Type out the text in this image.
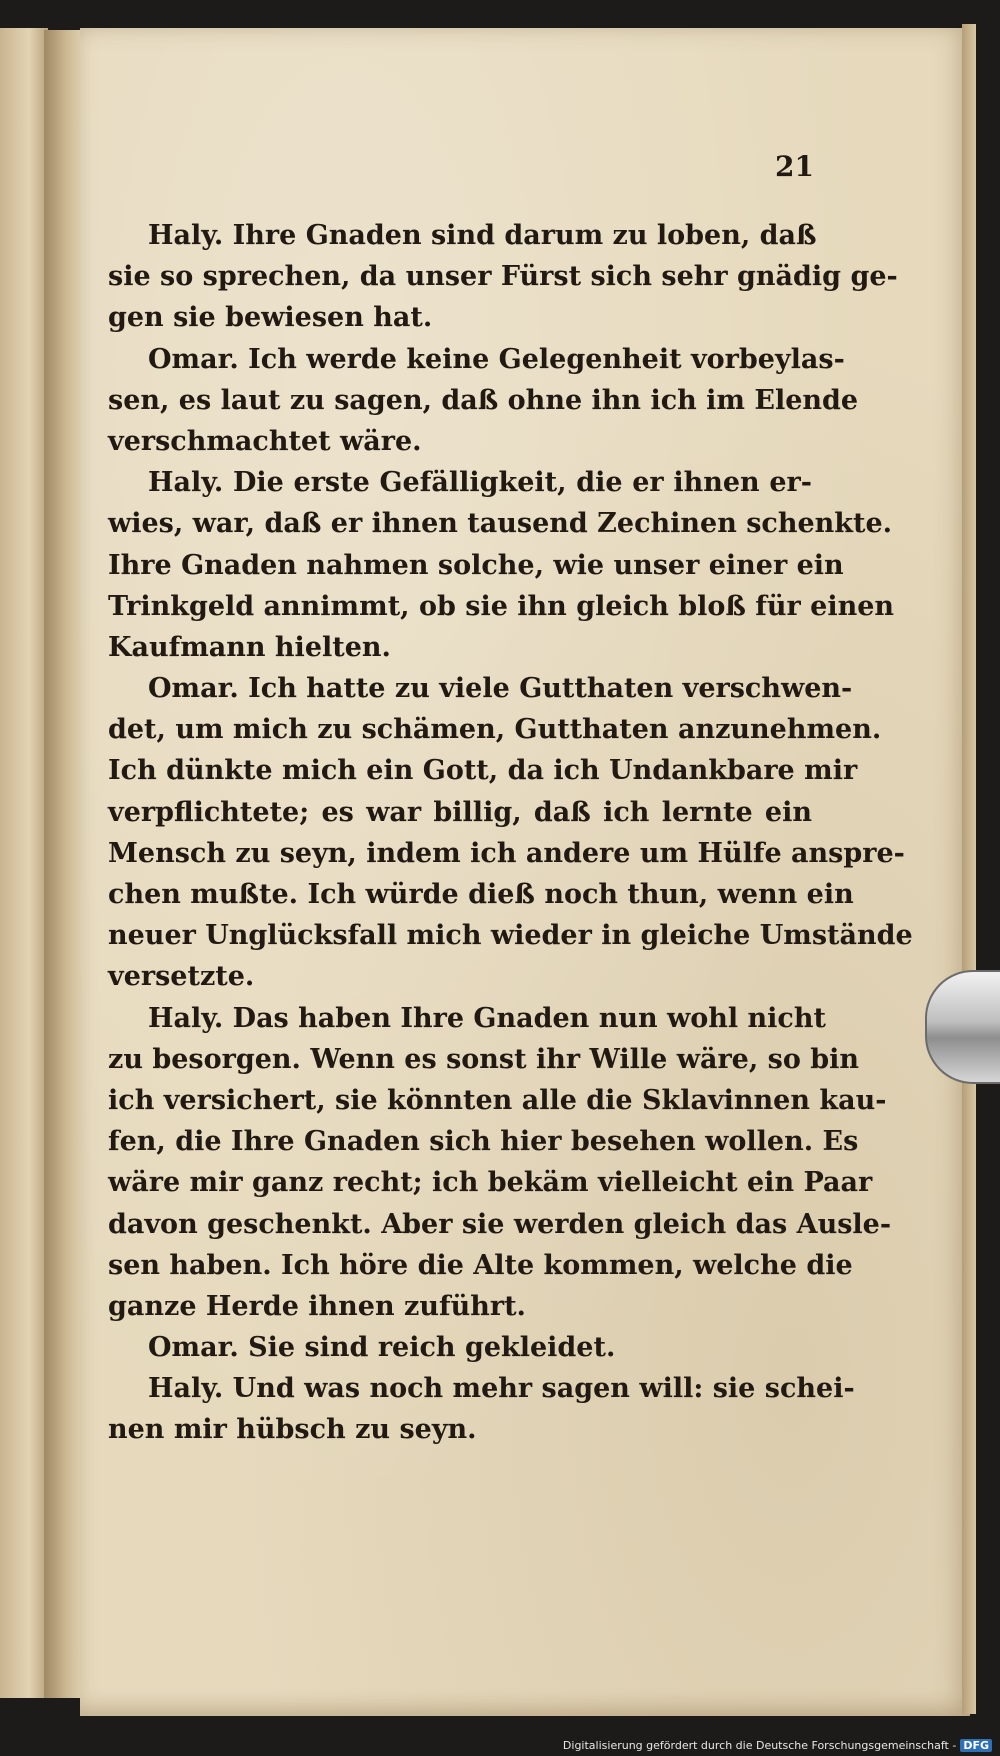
21
Haly. Ihre Gnaden sind darum zu loben, daß
sie so sprechen, da unser Fürst sich sehr gnädig ge-
gen sie bewiesen hat.
Omar. Ich werde keine Gelegenheit vorbeylas-
sen, es laut zu sagen, daß ohne ihn ich im Elende
verschmachtet wäre.
Haly. Die erste Gefälligkeit, die er ihnen er-
wies, war, daß er ihnen tausend Zechinen schenkte.
Ihre Gnaden nahmen solche, wie unser einer ein
Trinkgeld annimmt, ob sie ihn gleich bloß für einen
Kaufmann hielten.
Omar. Ich hatte zu viele Gutthaten verschwen-
det, um mich zu schämen, Gutthaten anzunehmen.
Ich dünkte mich ein Gott, da ich Undankbare mir
verpflichtete; es war billig, daß ich lernte ein
Mensch zu seyn, indem ich andere um Hülfe anspre-
chen mußte. Ich würde dieß noch thun, wenn ein
neuer Unglücksfall mich wieder in gleiche Umstände
versetzte.
Haly. Das haben Ihre Gnaden nun wohl nicht
zu besorgen. Wenn es sonst ihr Wille wäre, so bin
ich versichert, sie könnten alle die Sklavinnen kau-
fen, die Ihre Gnaden sich hier besehen wollen. Es
wäre mir ganz recht; ich bekäm vielleicht ein Paar
davon geschenkt. Aber sie werden gleich das Ausle-
sen haben. Ich höre die Alte kommen, welche die
ganze Herde ihnen zuführt.
Omar. Sie sind reich gekleidet.
Haly. Und was noch mehr sagen will: sie schei-
nen mir hübsch zu seyn.
Digitalisierung gefördert durch die Deutsche Forschungsgemeinschaft - DFG
